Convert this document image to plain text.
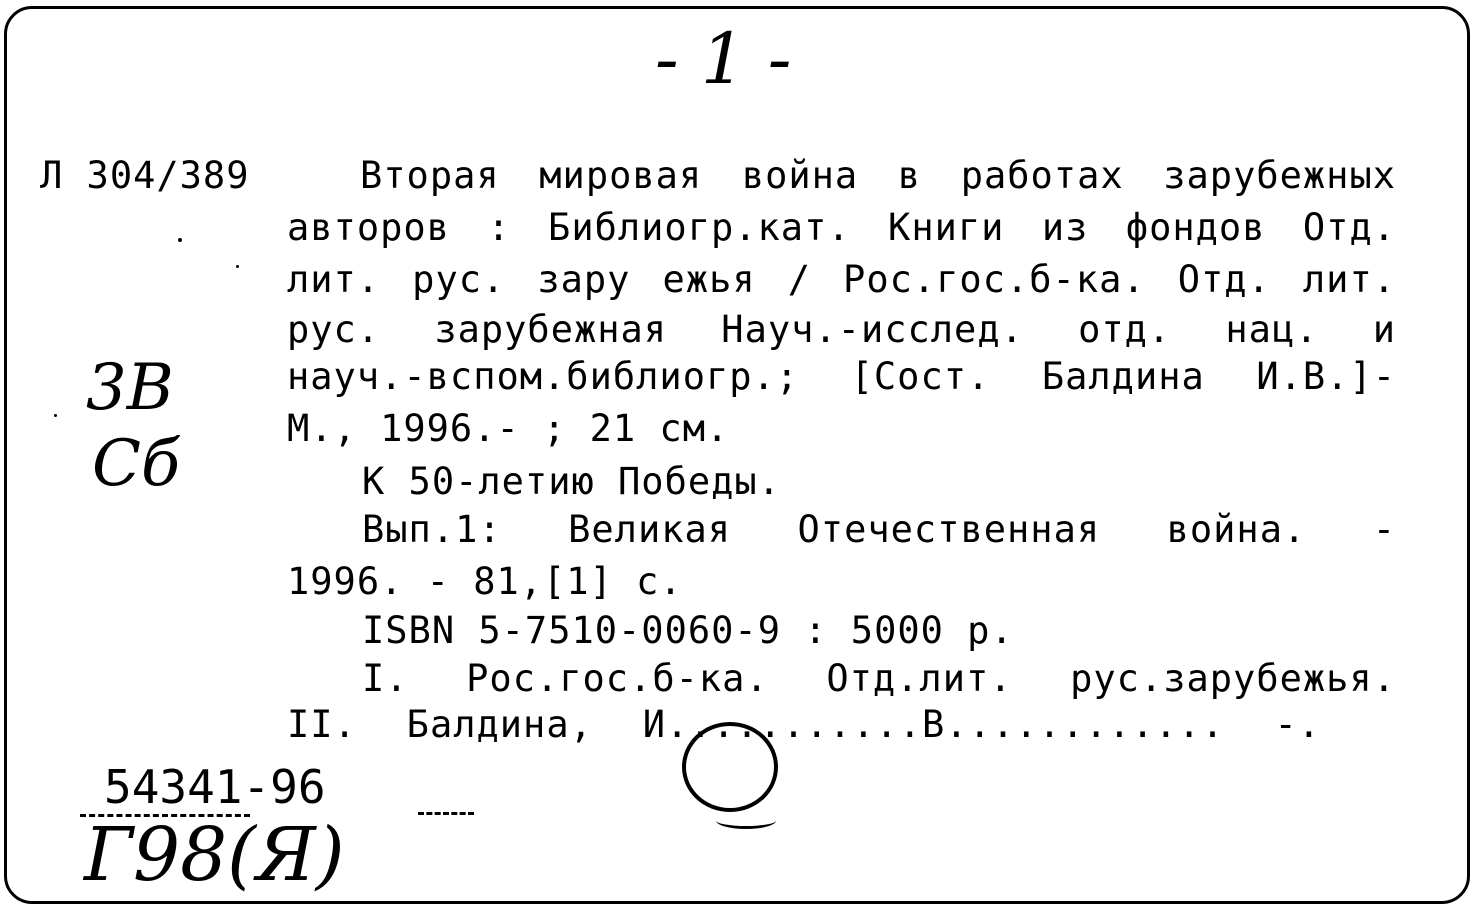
- 1 -
Л 304/389
3B
Сб
Вторая мировая война в работах зарубежных
авторов : Библиогр.кат. Книги из фондов Отд.
лит. рус. зару ежья / Рос.гос.б-ка. Отд. лит.
рус. зарубежная Науч.-исслед. отд. нац. и
науч.-вспом.библиогр.; [Сост. Балдина И.В.]-
М., 1996.- ; 21 см.
К 50-летию Победы.
Вып.1: Великая Отечественная война. -
1996. - 81,[1] с.
ISBN 5-7510-0060-9 : 5000 р.
I. Рос.гос.б-ка. Отд.лит. рус.зарубежья.
II. Балдина, И...........В............ -.
54341-96
Г98(Я)
